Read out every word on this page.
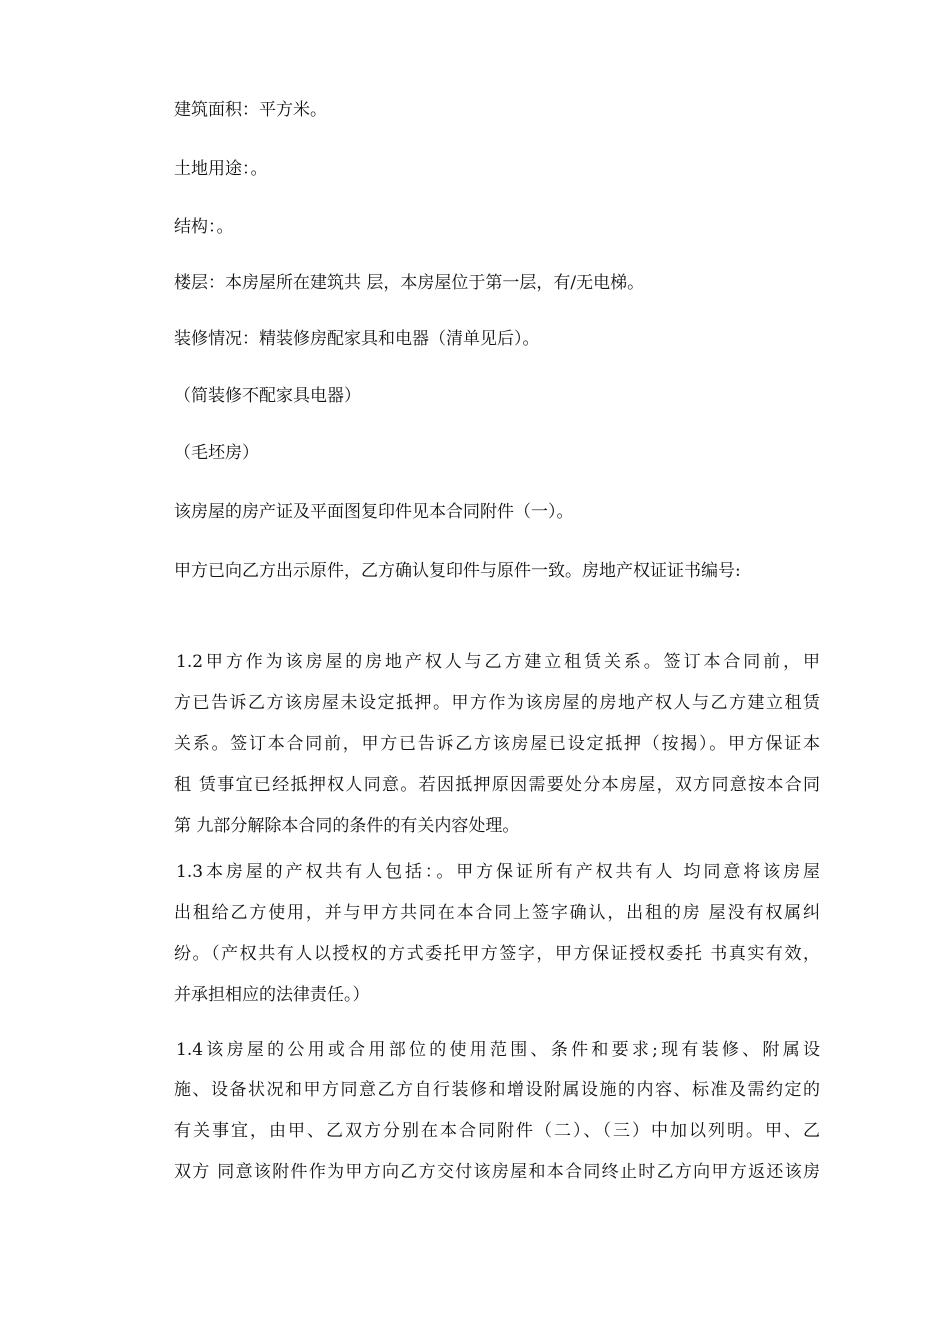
建筑面积：平方米。
土地用途：。
结构：。
楼层：本房屋所在建筑共 层，本房屋位于第一层，有/无电梯。
装修情况：精装修房配家具和电器（清单见后）。
（简装修不配家具电器）
（毛坯房）
该房屋的房产证及平面图复印件见本合同附件（一）。
甲方已向乙方出示原件，乙方确认复印件与原件一致。房地产权证证书编号:
1.2甲方作为该房屋的房地产权人与乙方建立租赁关系。签订本合同前，甲
方已告诉乙方该房屋未设定抵押。甲方作为该房屋的房地产权人与乙方建立租赁
关系。签订本合同前，甲方已告诉乙方该房屋已设定抵押（按揭）。甲方保证本
租 赁事宜已经抵押权人同意。若因抵押原因需要处分本房屋，双方同意按本合同
第 九部分解除本合同的条件的有关内容处理。
1.3本房屋的产权共有人包括：。甲方保证所有产权共有人 均同意将该房屋
出租给乙方使用，并与甲方共同在本合同上签字确认，出租的房 屋没有权属纠
纷。（产权共有人以授权的方式委托甲方签字，甲方保证授权委托 书真实有效，
并承担相应的法律责任。）
1.4该房屋的公用或合用部位的使用范围、条件和要求;现有装修、附属设
施、设备状况和甲方同意乙方自行装修和增设附属设施的内容、标准及需约定的
有关事宜，由甲、乙双方分别在本合同附件（二）、（三）中加以列明。甲、乙
双方 同意该附件作为甲方向乙方交付该房屋和本合同终止时乙方向甲方返还该房
